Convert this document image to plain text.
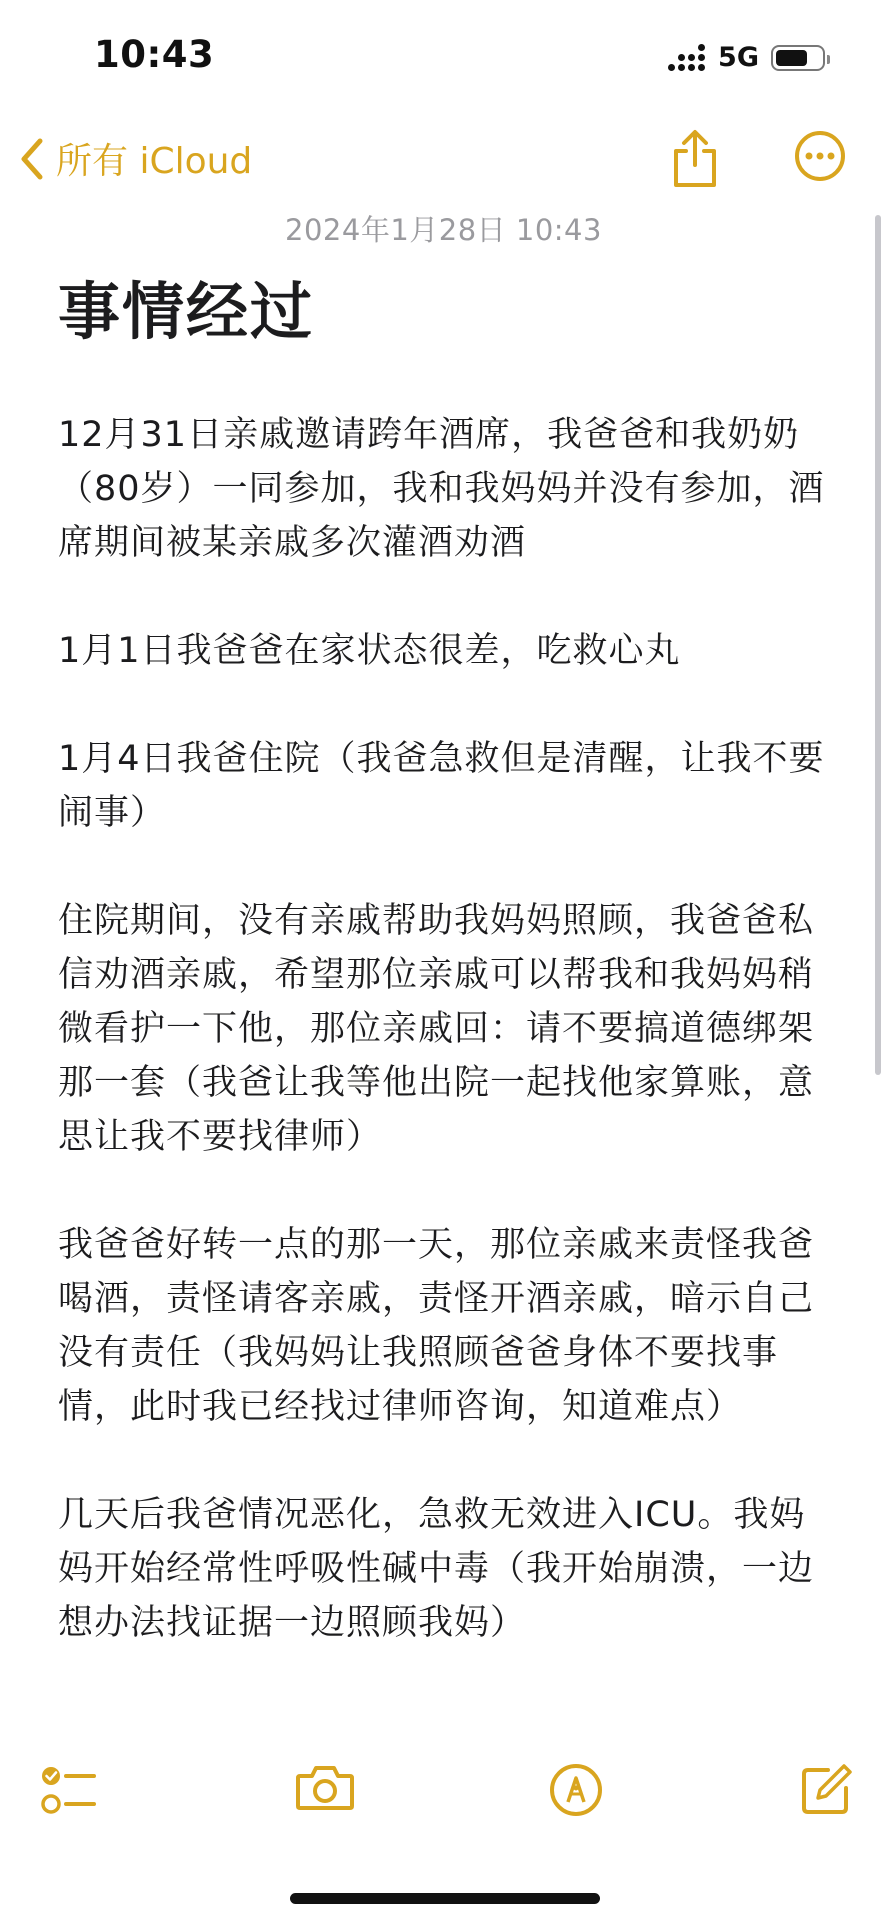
10:43	5G
所有 iCloud
2024年1月28日 10:43
事情经过

12月31日亲戚邀请跨年酒席，我爸爸和我奶奶（80岁）一同参加，我和我妈妈并没有参加，酒席期间被某亲戚多次灌酒劝酒

1月1日我爸爸在家状态很差，吃救心丸

1月4日我爸住院（我爸急救但是清醒，让我不要闹事）

住院期间，没有亲戚帮助我妈妈照顾，我爸爸私信劝酒亲戚，希望那位亲戚可以帮我和我妈妈稍微看护一下他，那位亲戚回：请不要搞道德绑架那一套（我爸让我等他出院一起找他家算账，意思让我不要找律师）

我爸爸好转一点的那一天，那位亲戚来责怪我爸喝酒，责怪请客亲戚，责怪开酒亲戚，暗示自己没有责任（我妈妈让我照顾爸爸身体不要找事情，此时我已经找过律师咨询，知道难点）

几天后我爸情况恶化，急救无效进入ICU。我妈妈开始经常性呼吸性碱中毒（我开始崩溃，一边想办法找证据一边照顾我妈）
